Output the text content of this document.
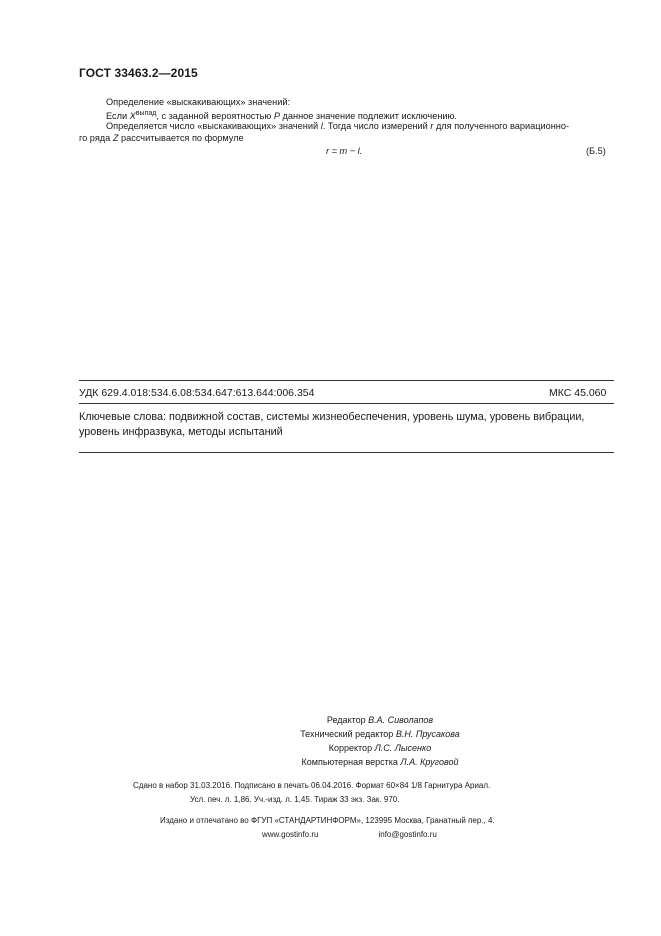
ГОСТ 33463.2—2015
Определение «выскакивающих» значений:
Если $X^{выпад}$, с заданной вероятностью P данное значение подлежит исключению.
Определяется число «выскакивающих» значений l. Тогда число измерений r для полученного вариационно-
го ряда Z рассчитывается по формуле
r = m − l.	(Б.5)
УДК 629.4.018:534.6.08:534.647:613.644:006.354	МКС 45.060
Ключевые слова: подвижной состав, системы жизнеобеспечения, уровень шума, уровень вибрации, уровень инфразвука, методы испытаний
Редактор В.А. Сиволапов
Технический редактор В.Н. Прусакова
Корректор Л.С. Лысенко
Компьютерная верстка Л.А. Круговой
Сдано в набор 31.03.2016. Подписано в печать 06.04.2016. Формат 60×84 1/8 Гарнитура Ариал.
Усл. печ. л. 1,86. Уч.-изд. л. 1,45. Тираж 33 экз. Зак. 970.
Издано и отпечатано во ФГУП «СТАНДАРТИНФОРМ», 123995 Москва, Гранатный пер., 4.
www.gostinfo.ru	info@gostinfo.ru
